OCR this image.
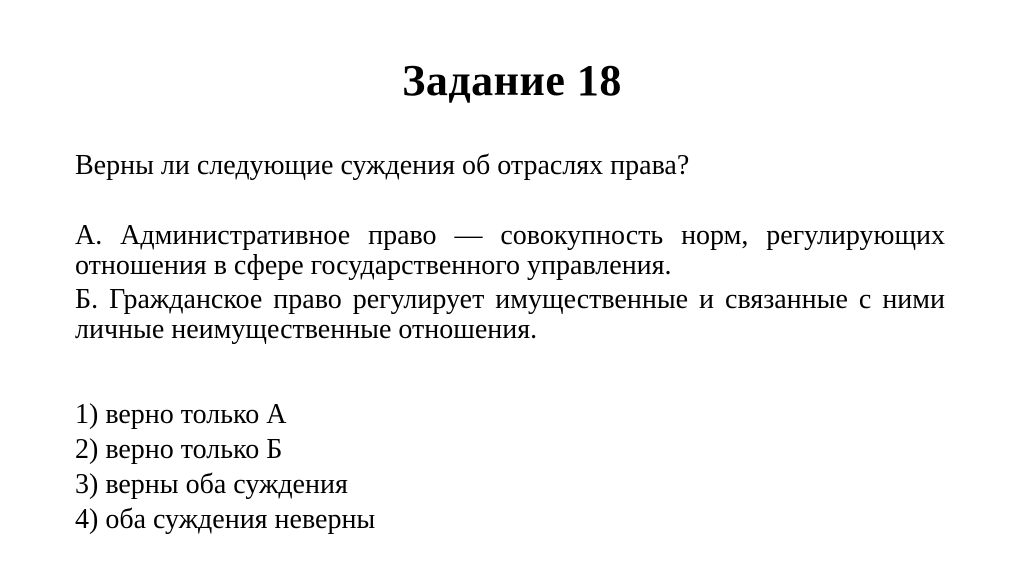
Задание 18

Верны ли следующие суждения об отраслях права?

А. Административное право — совокупность норм, регулирующих отношения в сфере государственного управления.

Б. Гражданское право регулирует имущественные и связанные с ними личные неимущественные отношения.

1) верно только А

2) верно только Б

3) верны оба суждения

4) оба суждения неверны
